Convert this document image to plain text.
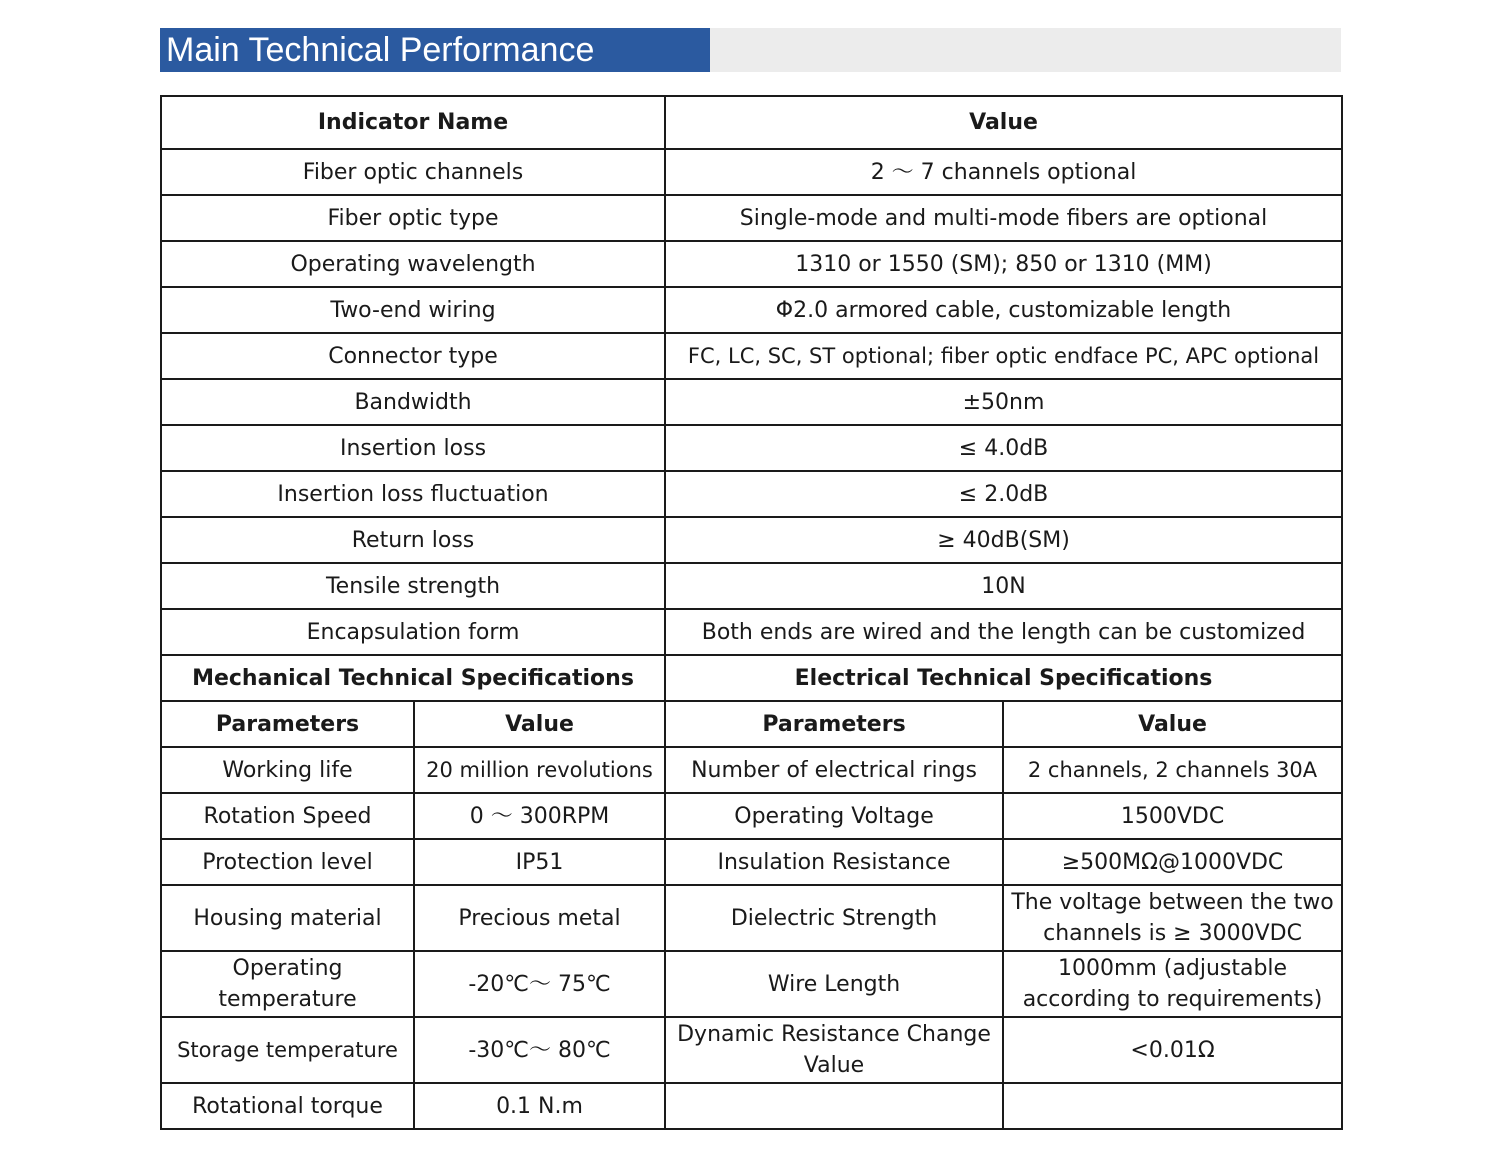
Main Technical Performance
Indicator Name		Value	
Fiber optic channels		2 ～ 7 channels optional	
Fiber optic type		Single-mode and multi-mode fibers are optional	
Operating wavelength		1310 or 1550 (SM); 850 or 1310 (MM)	
Two-end wiring		Φ2.0 armored cable, customizable length	
Connector type		FC, LC, SC, ST optional; fiber optic endface PC, APC optional	
Bandwidth		±50nm	
Insertion loss		≤ 4.0dB	
Insertion loss fluctuation		≤ 2.0dB	
Return loss		≥ 40dB(SM)	
Tensile strength		10N	
Encapsulation form		Both ends are wired and the length can be customized	
Mechanical Technical Specifications		Electrical Technical Specifications	
Parameters	Value	Parameters	Value
Working life	20 million revolutions	Number of electrical rings	2 channels, 2 channels 30A
Rotation Speed	0 ～ 300RPM	Operating Voltage	1500VDC
Protection level	IP51	Insulation Resistance	≥500MΩ@1000VDC
Housing material	Precious metal	Dielectric Strength	The voltage between the two channels is ≥ 3000VDC
Operating temperature	-20℃～ 75℃	Wire Length	1000mm (adjustable according to requirements)
Storage temperature	-30℃～ 80℃	Dynamic Resistance Change Value	<0.01Ω
Rotational torque	0.1 N.m		
